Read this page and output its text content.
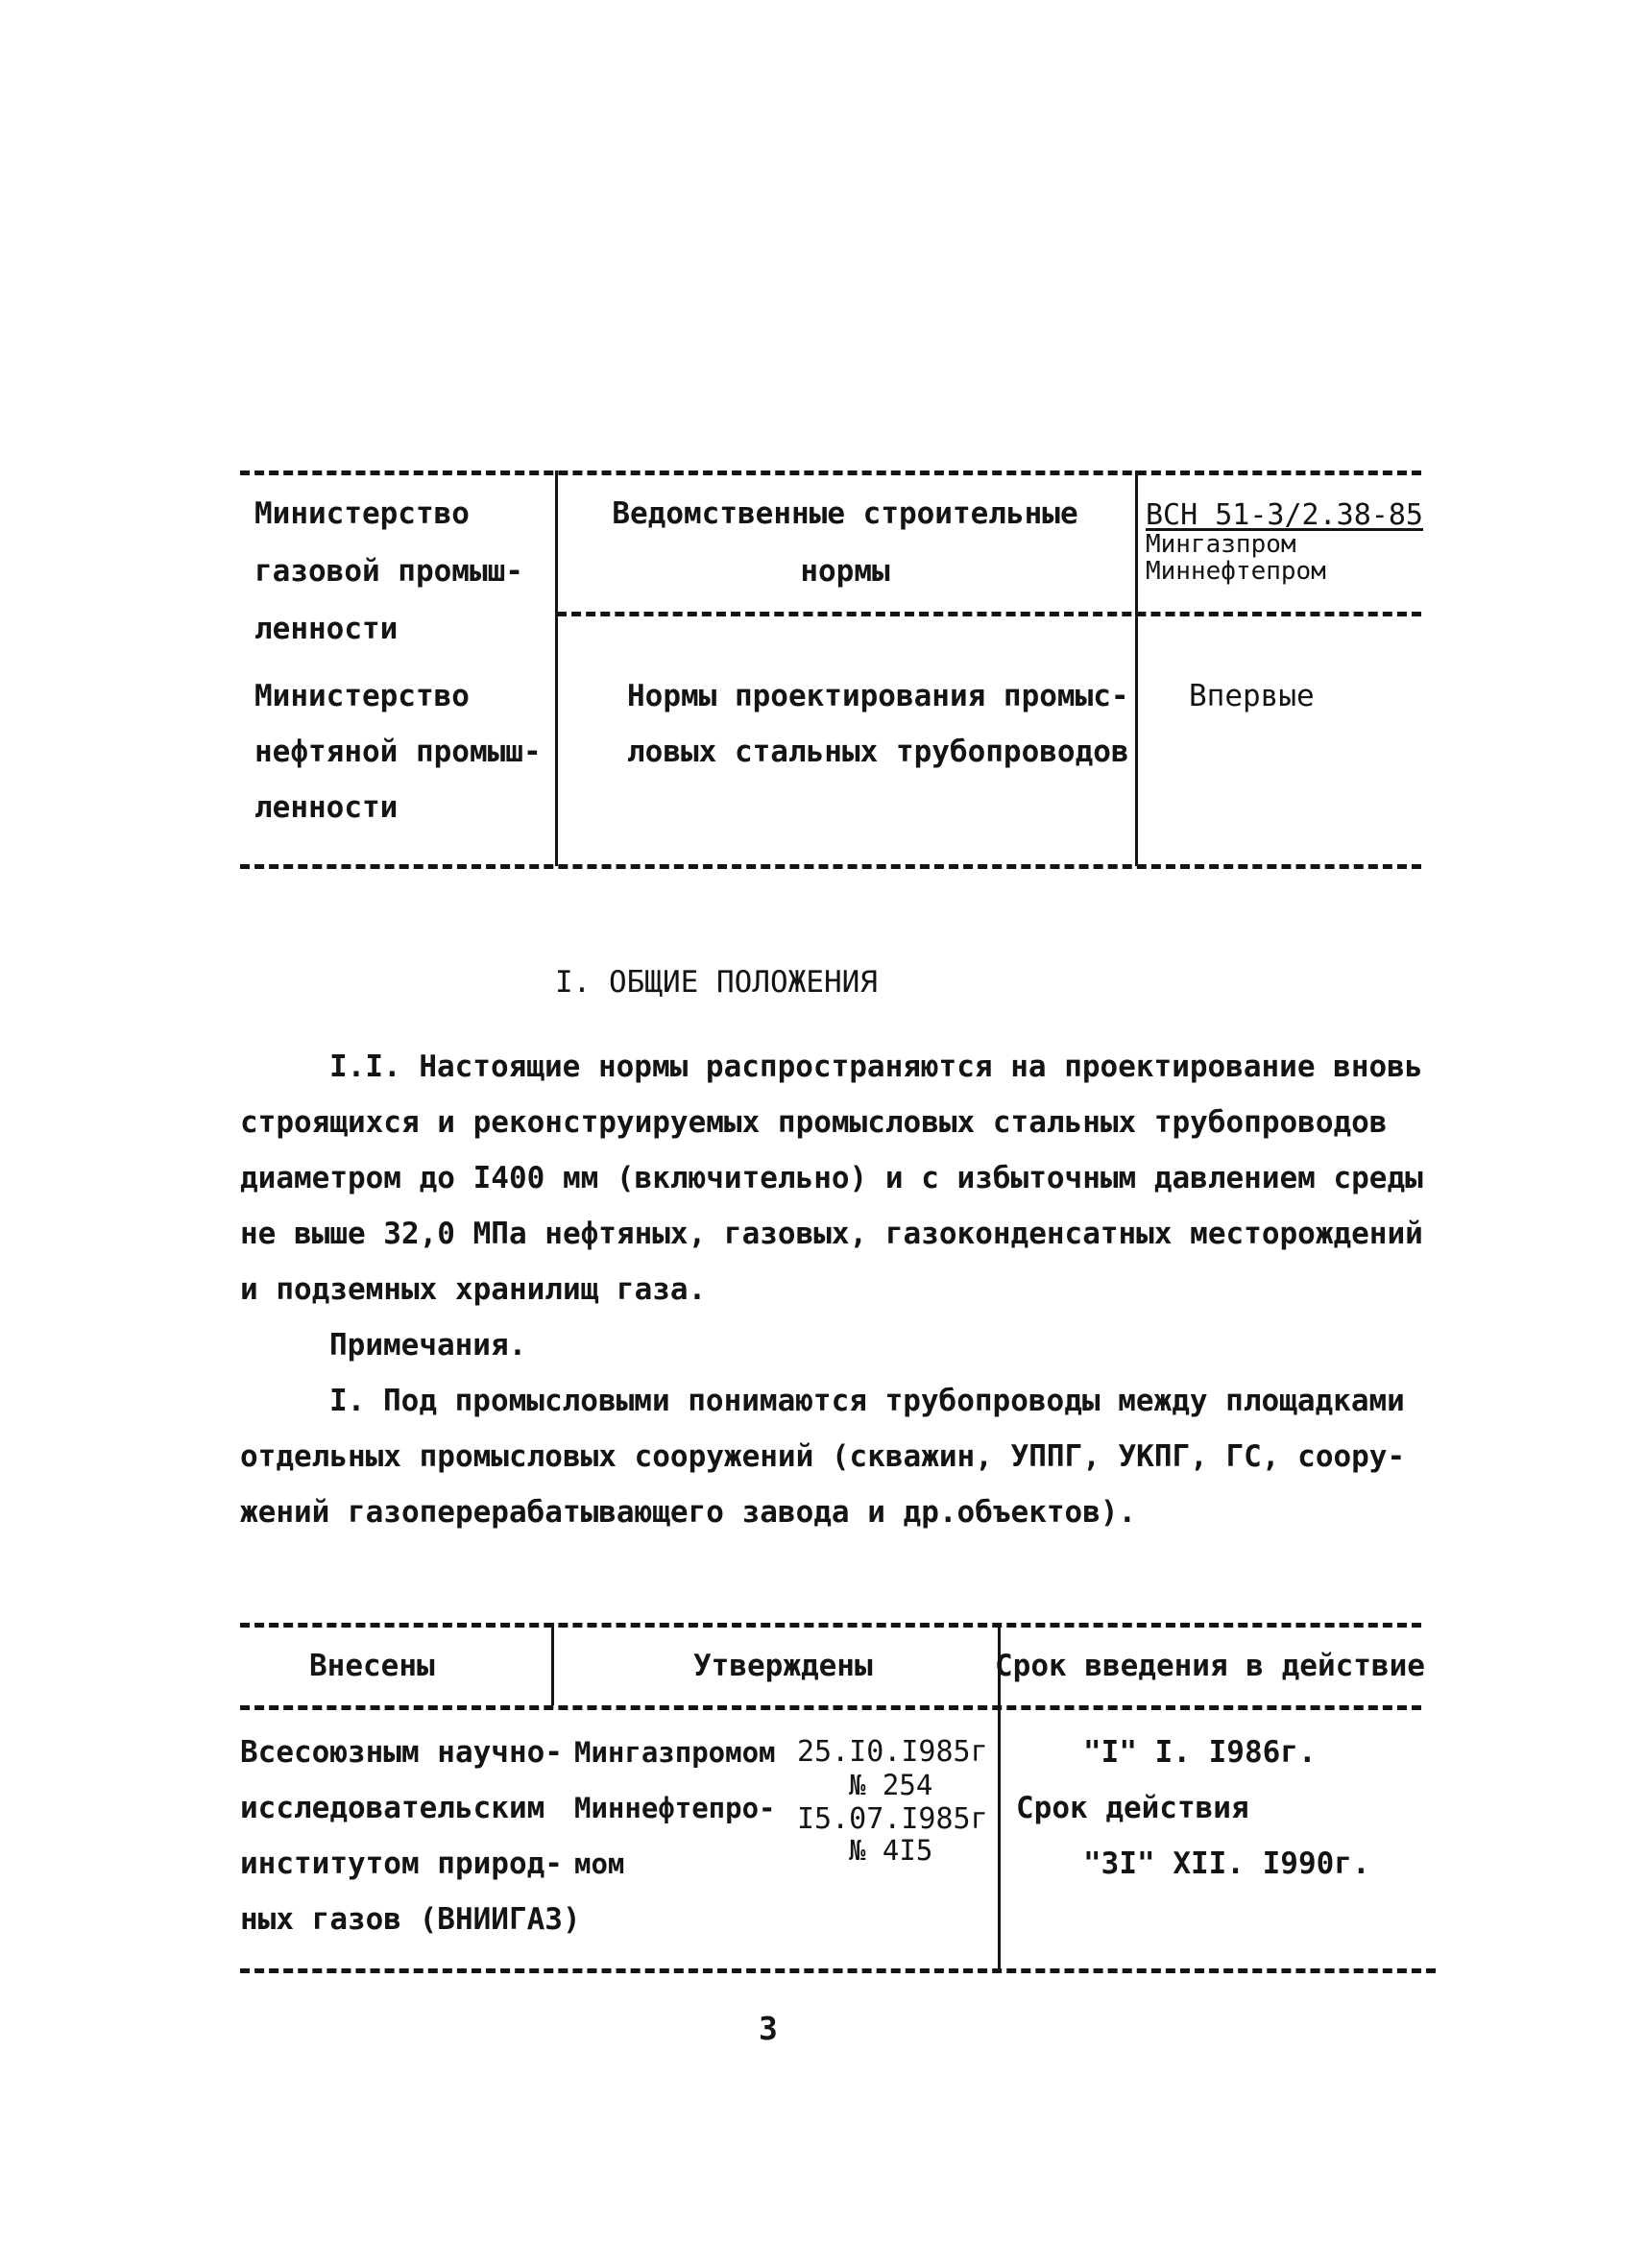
Министерство
газовой промыш-
ленности
Министерство
нефтяной промыш-
ленности
Ведомственные строительные
нормы
Нормы проектирования промыс-
ловых стальных трубопроводов
ВСН 51-3/2.38-85
Мингазпром
Миннефтепром
Впервые
I. ОБЩИЕ ПОЛОЖЕНИЯ
I.I. Настоящие нормы распространяются на проектирование вновь
строящихся и реконструируемых промысловых стальных трубопроводов
диаметром до I400 мм (включительно) и с избыточным давлением среды
не выше 32,0 МПа нефтяных, газовых, газоконденсатных месторождений
и подземных хранилищ газа.
Примечания.
I. Под промысловыми понимаются трубопроводы между площадками
отдельных промысловых сооружений (скважин, УППГ, УКПГ, ГС, соору-
жений газоперерабатывающего завода и др.объектов).
Внесены	Утверждены	Срок введения в действие
Всесоюзным научно-
исследовательским
институтом природ-
ных газов (ВНИИГАЗ)
Мингазпромом
Миннефтепро-
мом
25.I0.I985г
№ 254
I5.07.I985г
№ 4I5
"I" I. I986г.
Срок действия
"3I" XII. I990г.
3
